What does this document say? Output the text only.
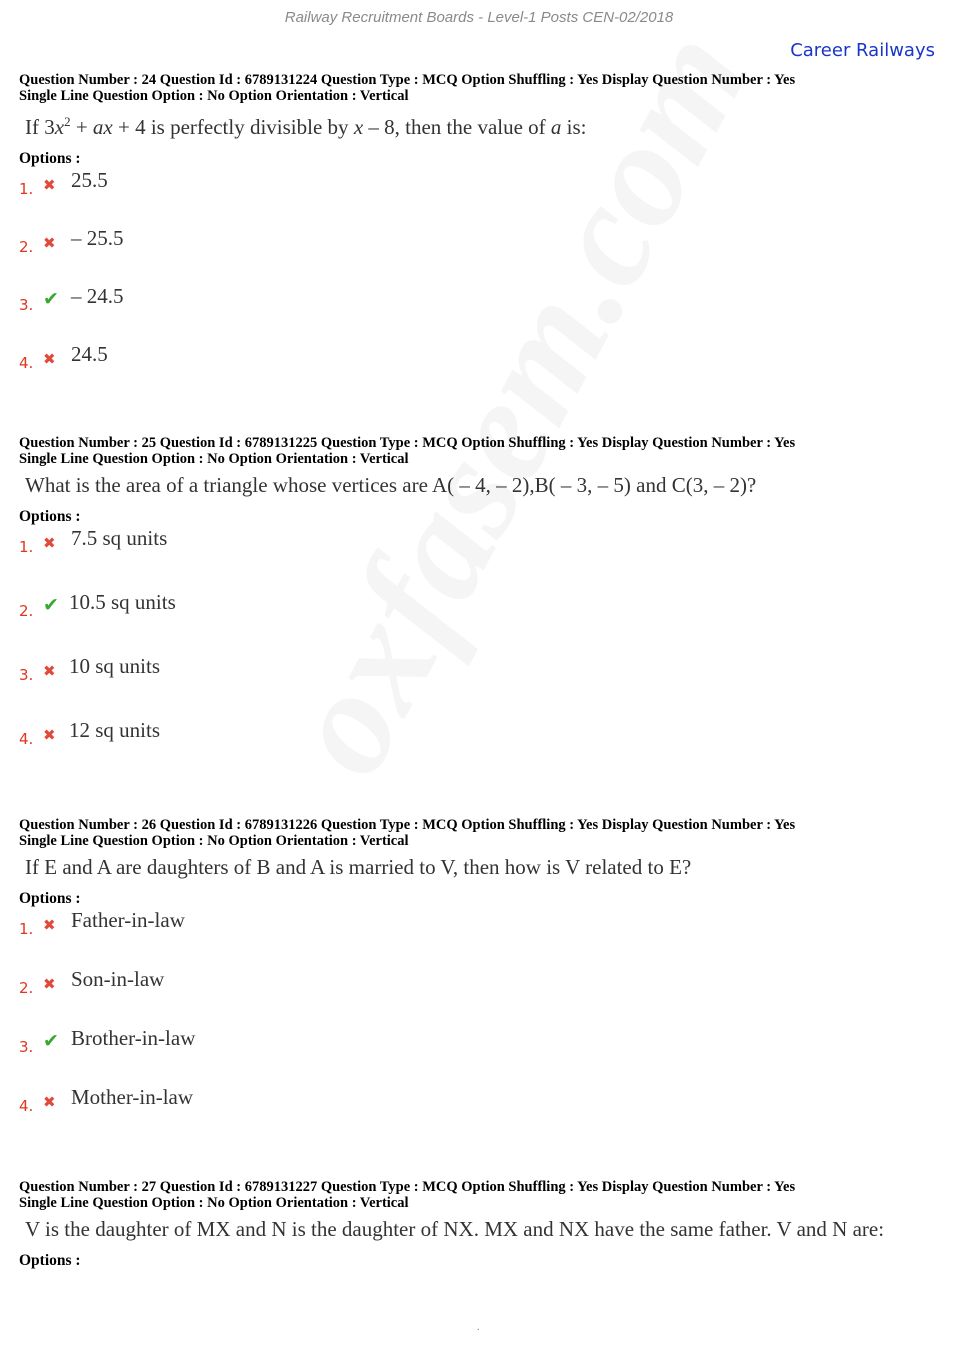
Railway Recruitment Boards - Level-1 Posts CEN-02/2018
Career Railways
Question Number : 24 Question Id : 6789131224 Question Type : MCQ Option Shuffling : Yes Display Question Number : Yes
Single Line Question Option : No Option Orientation : Vertical
If $3x^2$ + ax + 4 is perfectly divisible by x – 8, then the value of a is:
Options :
1. ✖ 25.5
2. ✖ – 25.5
3. ✔ – 24.5
4. ✖ 24.5
Question Number : 25 Question Id : 6789131225 Question Type : MCQ Option Shuffling : Yes Display Question Number : Yes
Single Line Question Option : No Option Orientation : Vertical
What is the area of a triangle whose vertices are A( – 4, – 2),B( – 3, – 5) and C(3, – 2)?
Options :
1. ✖ 7.5 sq units
2. ✔ 10.5 sq units
3. ✖ 10 sq units
4. ✖ 12 sq units
Question Number : 26 Question Id : 6789131226 Question Type : MCQ Option Shuffling : Yes Display Question Number : Yes
Single Line Question Option : No Option Orientation : Vertical
If E and A are daughters of B and A is married to V, then how is V related to E?
Options :
1. ✖ Father-in-law
2. ✖ Son-in-law
3. ✔ Brother-in-law
4. ✖ Mother-in-law
Question Number : 27 Question Id : 6789131227 Question Type : MCQ Option Shuffling : Yes Display Question Number : Yes
Single Line Question Option : No Option Orientation : Vertical
V is the daughter of MX and N is the daughter of NX. MX and NX have the same father. V and N are:
Options :
.
